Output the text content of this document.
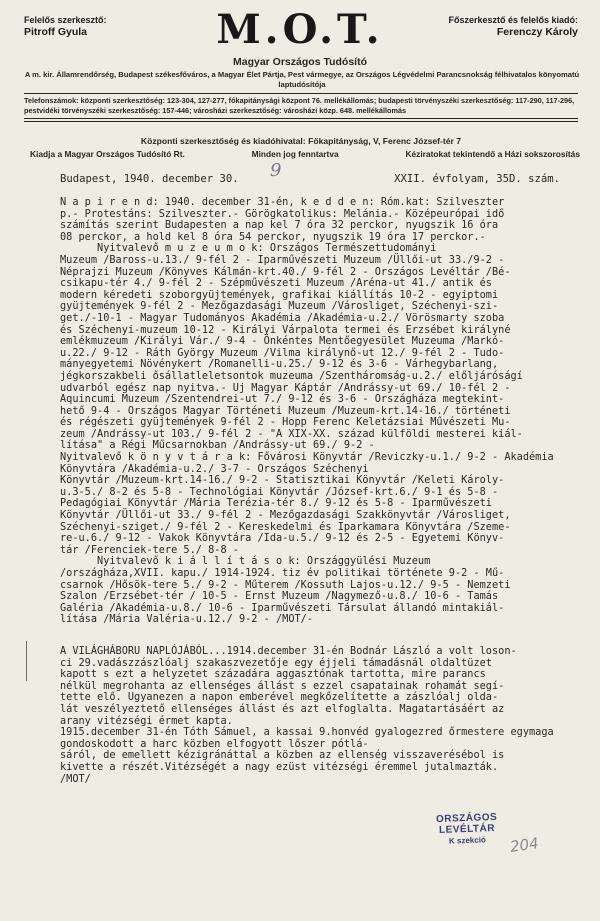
Felelős szerkesztő:
Pitroff Gyula	M.O.T.	Főszerkesztő és felelős kiadó:
Ferenczy Károly
Magyar Országos Tudósító
A m. kir. Államrendőrség, Budapest székesfőváros, a Magyar Élet Pártja, Pest vármegye, az Országos Légvédelmi Parancsnokság félhivatalos könyomatú laptudósítója
Telefonszámok: központi szerkesztőség: 123-304, 127-277, főkapitánysági központ 76. mellékállomás; budapesti törvényszéki szerkesztőség: 117-290, 117-296, pestvidéki törvényszéki szerkesztőség: 157-446; városházi szerkesztőség: városházi közp. 648. mellékállomás
Központi szerkesztőség és kiadóhivatal: Főkapitányság, V, Ferenc József-tér 7
Kiadja a Magyar Országos Tudósító Rt.	Minden jog fenntartva	Kéziratokat tekintendő a Házi sokszorosítás
9
Budapest, 1940. december 30.	XXII. évfolyam, 35D. szám.
N a p i r e n d: 1940. december 31-én, k e d d e n: Róm.kat: Szilveszter
p.- Protestáns: Szilveszter.- Görögkatolikus: Melánia.- Középeurópai idő
számítás szerint Budapesten a nap kel 7 óra 32 perckor, nyugszik 16 óra
08 perckor, a hold kel 8 óra 54 perckor, nyugszik 19 óra 17 perckor.-
Nyitvalevő m u z e u m o k: Országos Természettudományi
Muzeum /Baross-u.13./ 9-fél 2 - Iparművészeti Muzeum /Üllői-ut 33./9-2 -
Néprajzi Muzeum /Könyves Kálmán-krt.40./ 9-fél 2 - Országos Levéltár /Bé-
csikapu-tér 4./ 9-fél 2 - Szépművészeti Muzeum /Aréna-ut 41./ antik és
modern kéredeti szoborgyüjtemények, grafikai kiállítás 10-2 - egyiptomi
gyüjtemények 9-fél 2 - Mezőgazdasági Muzeum /Városliget, Széchenyi-szi-
get./-10-1 - Magyar Tudományos Akadémia /Akadémia-u.2./ Vörösmarty szoba
és Széchenyi-muzeum 10-12 - Királyi Várpalota termei és Erzsébet királyné
emlékmuzeum /Királyi Vár./ 9-4 - Önkéntes Mentőegyesület Muzeuma /Markó-
u.22./ 9-12 - Ráth György Muzeum /Vilma királynő-ut 12./ 9-fél 2 - Tudo-
mányegyetemi Növénykert /Romanelli-u.25./ 9-12 és 3-6 - Várhegybarlang,
jégkorszakbeli ősállatleletsontok muzeuma /Szentháromság-u.2./ előljáróságí
udvarból egész nap nyitva.- Uj Magyar Káptár /Andrássy-ut 69./ 10-fél 2 -
Aquincumi Muzeum /Szentendrei-ut 7./ 9-12 és 3-6 - Országháza megtekint-
hető 9-4 - Országos Magyar Történeti Muzeum /Muzeum-krt.14-16./ történeti
és régészeti gyüjtemények 9-fél 2 - Hopp Ferenc Keletázsiai Művészeti Mu-
zeum /Andrássy-ut 103./ 9-fél 2 - "A XIX-XX. század külföldi mesterei kiál-
lítása" a Régi Műcsarnokban /Andrássy-ut 69./ 9-2 -
Nyitvalevő k ö n y v t á r a k: Fővárosi Könyvtár /Reviczky-u.1./ 9-2 - Akadémia Könyvtára /Akadémia-u.2./ 3-7 - Országos Széchenyi
Könyvtár /Muzeum-krt.14-16./ 9-2 - Statisztikai Könyvtár /Keleti Károly-
u.3-5./ 8-2 és 5-8 - Technológiai Könyvtár /József-krt.6./ 9-1 és 5-8 -
Pedagógiai Könyvtár /Mária Terézia-tér 8./ 9-12 és 5-8 - Iparművészeti
Könyvtár /Üllői-ut 33./ 9-fél 2 - Mezőgazdasági Szakkönyvtár /Városliget,
Széchenyi-sziget./ 9-fél 2 - Kereskedelmi és Iparkamara Könyvtára /Szeme-
re-u.6./ 9-12 - Vakok Könyvtára /Ida-u.5./ 9-12 és 2-5 - Egyetemi Könyv-
tár /Ferenciek-tere 5./ 8-8 -
Nyitvalevő k i á l l í t á s o k: Országgyülési Muzeum
/országháza,XVII. kapu./ 1914-1924. tiz év politikai története 9-2 - Mű-
csarnok /Hősök-tere 5./ 9-2 - Műterem /Kossuth Lajos-u.12./ 9-5 - Nemzeti
Szalon /Erzsébet-tér / 10-5 - Ernst Muzeum /Nagymező-u.8./ 10-6 - Tamás
Galéria /Akadémia-u.8./ 10-6 - Iparművészeti Társulat állandó mintakiál-
lítása /Mária Valéria-u.12./ 9-2 - /MOT/-
A VILÁGHÁBORU NAPLÓJÁBÓL...1914.december 31-én Bodnár László a volt loson-
ci 29.vadászzászlóalj szakaszvezetője egy éjjeli támadásnál oldaltüzet
kapott s ezt a helyzetet századára aggasztónak tartotta, mire parancs
nélkül megrohanta az ellenséges állást s ezzel csapatainak rohamát segí-
tette elő. Ugyanezen a napon emberével megkőzelítette a zászlóalj olda-
lát veszélyeztető ellenséges állást és azt elfoglalta. Magatartásáért az
arany vitézségi érmet kapta.
1915.december 31-én Tóth Sámuel, a kassai 9.honvéd gyalogezred őrmestere egymaga gondoskodott a harc közben elfogyott lőszer pótlá-
sáról, de emellett kézigránáttal a közben az ellenség visszaverésébol is
kivette a részét.Vitézségét a nagy ezüst vitézségi éremmel jutalmazták.
/MOT/
ORSZÁGOS LEVÉLTÁR
K szekció	204
